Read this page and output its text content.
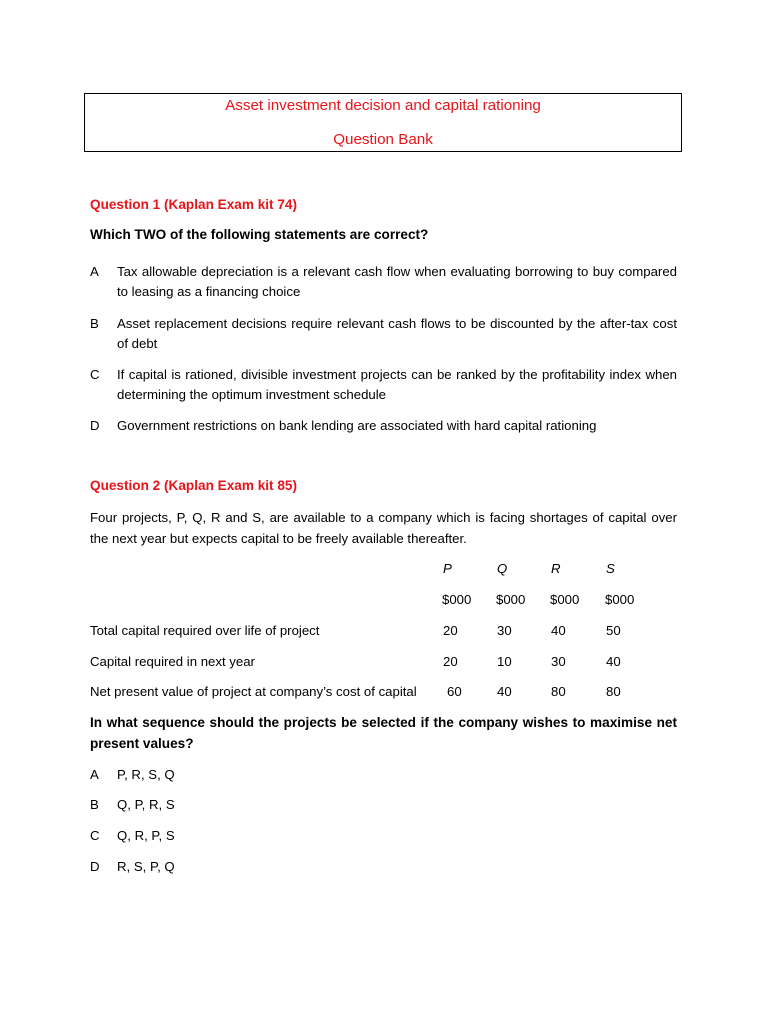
Asset investment decision and capital rationing
Question Bank
Question 1 (Kaplan Exam kit 74)
Which TWO of the following statements are correct?
A Tax allowable depreciation is a relevant cash flow when evaluating borrowing to buy compared to leasing as a financing choice
B Asset replacement decisions require relevant cash flows to be discounted by the after-tax cost of debt
C If capital is rationed, divisible investment projects can be ranked by the profitability index when determining the optimum investment schedule
D Government restrictions on bank lending are associated with hard capital rationing
Question 2 (Kaplan Exam kit 85)
Four projects, P, Q, R and S, are available to a company which is facing shortages of capital over the next year but expects capital to be freely available thereafter.
P	Q	R	S
$000 $000 $000 $000
Total capital required over life of project	20	30	40	50
Capital required in next year	20	10	30	40
Net present value of project at company’s cost of capital 60	40	80	80
In what sequence should the projects be selected if the company wishes to maximise net present values?
A P, R, S, Q
B Q, P, R, S
C Q, R, P, S
D R, S, P, Q
